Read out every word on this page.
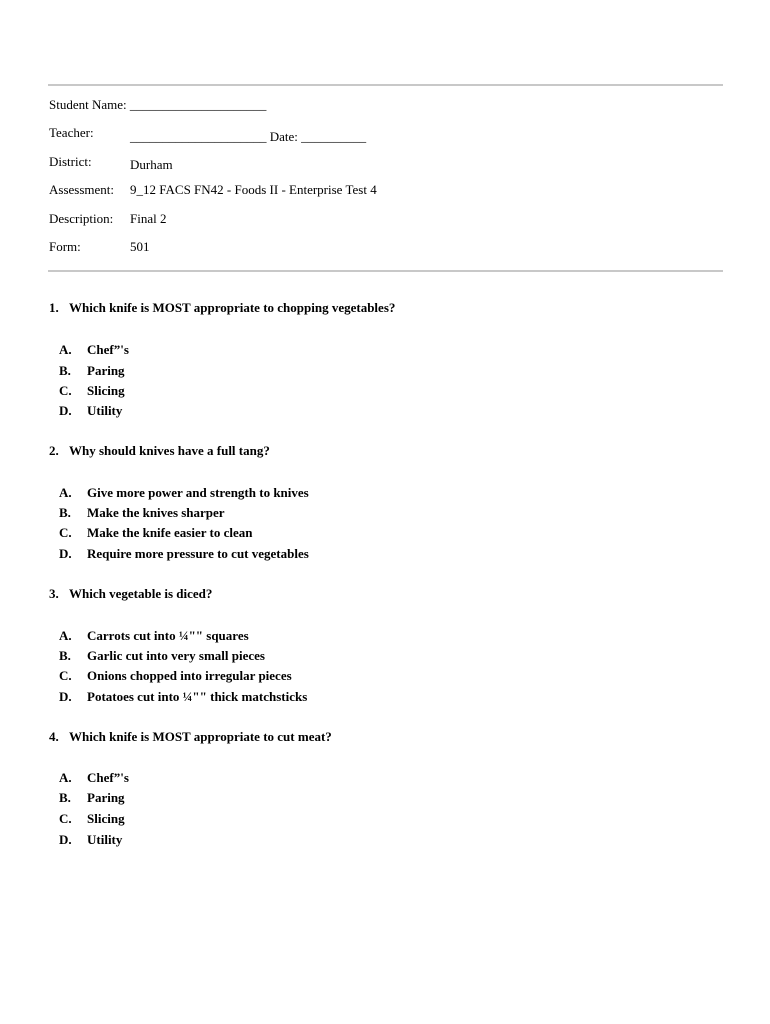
Student Name: _____________________
Teacher:	_____________________ Date: __________
District:	Durham
Assessment: 9_12 FACS FN42 - Foods II - Enterprise Test 4
Description: Final 2
Form:	501
1. Which knife is MOST appropriate to chopping vegetables?
A. Chef”'s
B. Paring
C. Slicing
D. Utility
2. Why should knives have a full tang?
A. Give more power and strength to knives
B. Make the knives sharper
C. Make the knife easier to clean
D. Require more pressure to cut vegetables
3. Which vegetable is diced?
A. Carrots cut into ¼"" squares
B. Garlic cut into very small pieces
C. Onions chopped into irregular pieces
D. Potatoes cut into ¼"" thick matchsticks
4. Which knife is MOST appropriate to cut meat?
A. Chef”'s
B. Paring
C. Slicing
D. Utility
